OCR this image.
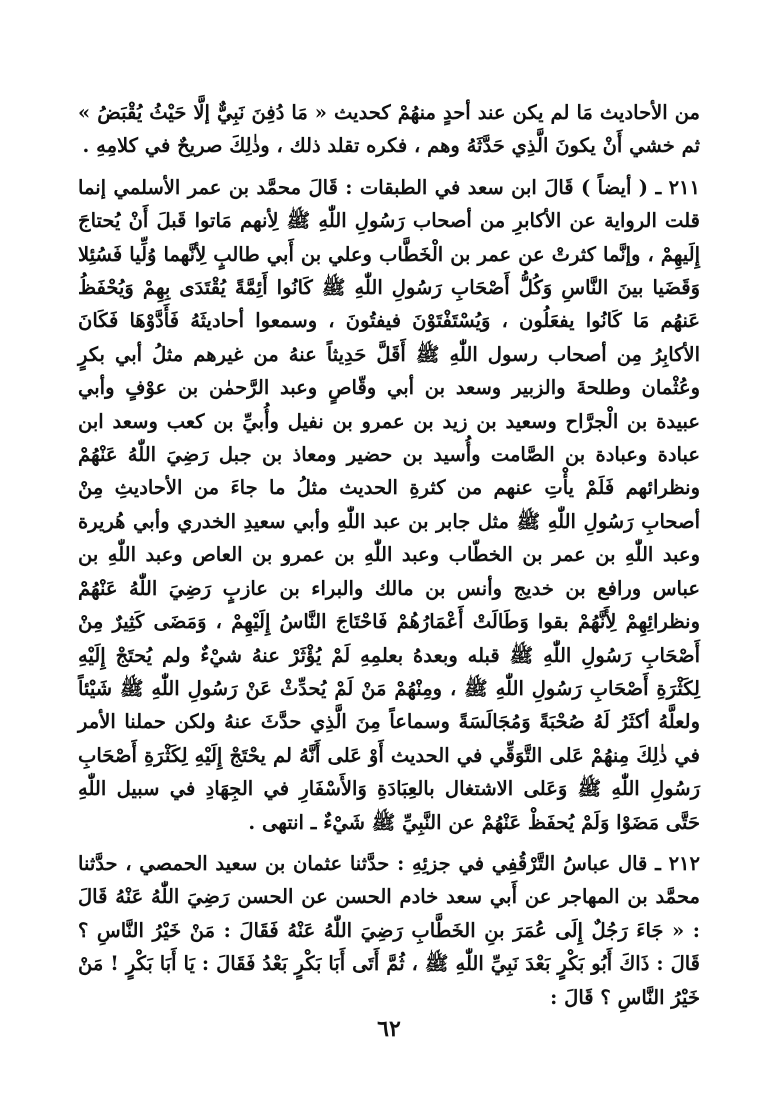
من الأحاديث مَا لم يكن عند أحدٍ منهُمْ كحديث « مَا دُفِنَ نَبِيٌّ إلَّا حَيْثُ يُقْبَضُ » ثم خشي أَنْ يكونَ الَّذِي حَدَّثَهُ وهم ، فكره تقلد ذلك ، وذٰلِكَ صريحٌ في كلامِهِ .

٢١١ ـ ( أيضاً ) قَالَ ابن سعد في الطبقات : قَالَ محمَّد بن عمر الأسلمي إنما قلت الرواية عن الأكابرِ من أصحاب رَسُولِ اللّٰهِ ﷺ لِأنهم مَاتوا قَبلَ أَنْ يُحتاجَ إِلَيهِمْ ، وإنَّما كثرتْ عن عمر بن الْخَطَّاب وعلي بن أَبي طالبٍ لِأنَّهما وُلِّيا فَسُئِلا وَقَضَيا بينَ النَّاسِ وَكُلُّ أَصْحَابِ رَسُولِ اللّٰهِ ﷺ كَانُوا أَئِمَّةً يُقْتَدَى بِهِمْ وَيُحْفَظُ عَنهُم مَا كَانُوا يفعَلُون ، وَيُسْتَفْتَوْنَ فيفتُونَ ، وسمعوا أحاديثَهُ فَأَدَّوْهَا فَكَانَ الأكابِرُ مِن أصحاب رسول اللّٰهِ ﷺ أَقَلَّ حَدِيثاً عنهُ من غيرهم مثلُ أبي بكرٍ وعُثْمان وطلحةَ والزبير وسعد بن أبي وقّاصٍ وعبد الرَّحمٰن بن عوْفٍ وأبي عبيدة بن الْجرَّاح وسعيد بن زيد بن عمرو بن نفيل وأُبيِّ بن كعب وسعد ابن عبادة وعبادة بن الصَّامت وأُسيد بن حضير ومعاذ بن جبل رَضِيَ اللّٰهُ عَنْهُمْ ونظرائهم فَلَمْ يأْتِ عنهم من كثرةِ الحديث مثلُ ما جاءَ من الأحاديثِ مِنْ أصحابِ رَسُولِ اللّٰهِ ﷺ مثل جابر بن عبد اللّٰهِ وأبي سعيدِ الخدري وأبي هُريرة وعبد اللّٰهِ بن عمر بن الخطّاب وعبد اللّٰهِ بن عمرو بن العاص وعبد اللّٰهِ بن عباس ورافع بن خديج وأنس بن مالك والبراء بن عازبٍ رَضِيَ اللّٰهُ عَنْهُمْ ونظرائِهِمْ لِأَنَّهُمْ بقوا وَطَالَتْ أَعْمَارُهُمْ فَاحْتَاجَ النَّاسُ إِلَيْهِمْ ، وَمَضَى كَثِيرٌ مِنْ أَصْحَابِ رَسُولِ اللّٰهِ ﷺ قبله وبعدهُ بعلمِهِ لَمْ يُؤْثَرْ عنهُ شيْءٌ ولم يُحتَجْ إِلَيْهِ لِكَثْرَةِ أَصْحَابِ رَسُولِ اللّٰهِ ﷺ ، ومِنْهُمْ مَنْ لَمْ يُحدِّثْ عَنْ رَسُولِ اللّٰهِ ﷺ شَيْئاً ولعلَّهُ أكثَرُ لَهُ صُحْبَةً وَمُجَالَسَةً وسماعاً مِنَ الَّذِي حدَّثَ عنهُ ولكن حملنا الأمر في ذٰلِكَ مِنهُمْ عَلى التَّوَقِّي في الحديث أَوْ عَلى أَنَّهُ لم يحْتَجْ إِلَيْهِ لِكَثْرَةِ أَصْحَابِ رَسُولِ اللّٰهِ ﷺ وَعَلى الاشتغال بالعِبَادَةِ وَالأَسْفَارِ في الجِهَادِ في سبيل اللّٰهِ حَتَّى مَضَوْا وَلَمْ يُحفَظْ عَنْهُمْ عن النَّبِيِّ ﷺ شَيْءٌ ـ انتهى .

٢١٢ ـ قال عباسُ التَّرْقُفِي في جزئِهِ : حدَّثنا عثمان بن سعيد الحمصي ، حدَّثنا محمَّد بن المهاجر عن أَبي سعد خادم الحسن عن الحسن رَضِيَ اللّٰهُ عَنْهُ قَالَ : « جَاءَ رَجُلٌ إِلَى عُمَرَ بنِ الخَطَّابِ رَضِيَ اللّٰهُ عَنْهُ فَقَالَ : مَنْ خَيْرُ النَّاسِ ؟ قَالَ : ذَاكَ أَبُو بَكْرٍ بَعْدَ نَبِيِّ اللّٰهِ ﷺ ، ثُمَّ أَتَى أَبَا بَكْرٍ بَعْدُ فَقَالَ : يَا أَبَا بَكْرٍ ! مَنْ خَيْرُ النَّاسِ ؟ قَالَ :

٦٢
